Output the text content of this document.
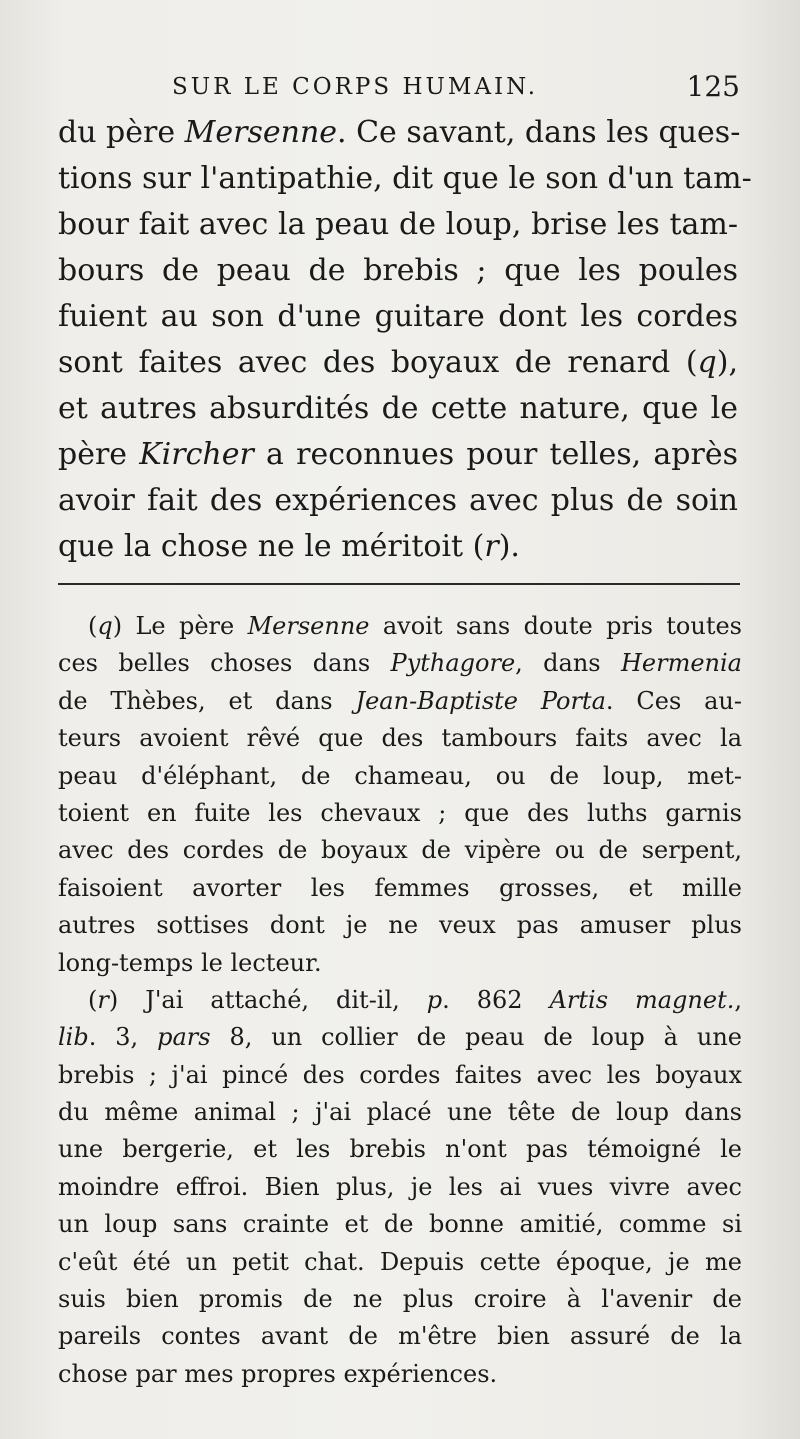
SUR LE CORPS HUMAIN.	125
du père Mersenne. Ce savant, dans les ques-
tions sur l'antipathie, dit que le son d'un tam-
bour fait avec la peau de loup, brise les tam-
bours de peau de brebis ; que les poules
fuient au son d'une guitare dont les cordes
sont faites avec des boyaux de renard (q),
et autres absurdités de cette nature, que le
père Kircher a reconnues pour telles, après
avoir fait des expériences avec plus de soin
que la chose ne le méritoit (r).
(q) Le père Mersenne avoit sans doute pris toutes
ces belles choses dans Pythagore, dans Hermenia
de Thèbes, et dans Jean-Baptiste Porta. Ces au-
teurs avoient rêvé que des tambours faits avec la
peau d'éléphant, de chameau, ou de loup, met-
toient en fuite les chevaux ; que des luths garnis
avec des cordes de boyaux de vipère ou de serpent,
faisoient avorter les femmes grosses, et mille
autres sottises dont je ne veux pas amuser plus
long-temps le lecteur.
(r) J'ai attaché, dit-il, p. 862 Artis magnet.,
lib. 3, pars 8, un collier de peau de loup à une
brebis ; j'ai pincé des cordes faites avec les boyaux
du même animal ; j'ai placé une tête de loup dans
une bergerie, et les brebis n'ont pas témoigné le
moindre effroi. Bien plus, je les ai vues vivre avec
un loup sans crainte et de bonne amitié, comme si
c'eût été un petit chat. Depuis cette époque, je me
suis bien promis de ne plus croire à l'avenir de
pareils contes avant de m'être bien assuré de la
chose par mes propres expériences.
